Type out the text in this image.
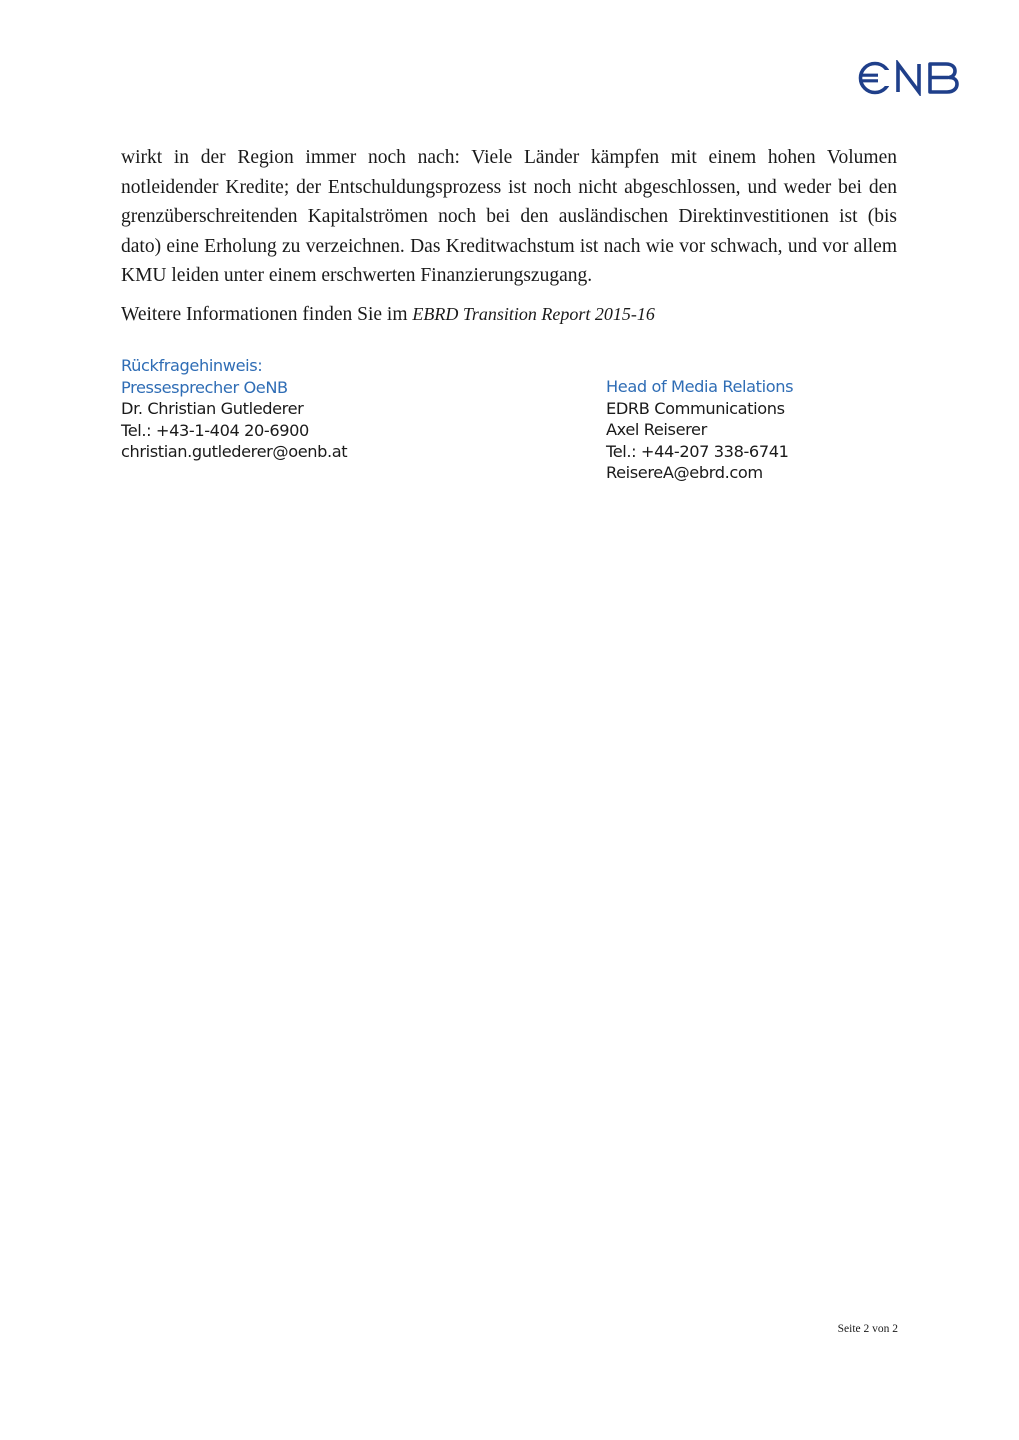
wirkt in der Region immer noch nach: Viele Länder kämpfen mit einem hohen Volumen notleidender Kredite; der Entschuldungsprozess ist noch nicht abgeschlossen, und weder bei den grenzüberschreitenden Kapitalströmen noch bei den ausländischen Direktinvestitionen ist (bis dato) eine Erholung zu verzeichnen. Das Kreditwachstum ist nach wie vor schwach, und vor allem KMU leiden unter einem erschwerten Finanzierungszugang.

Weitere Informationen finden Sie im EBRD Transition Report 2015-16

Rückfragehinweis:
Pressesprecher OeNB
Dr. Christian Gutlederer
Tel.: +43-1-404 20-6900
christian.gutlederer@oenb.at
Head of Media Relations
EDRB Communications
Axel Reiserer
Tel.: +44-207 338-6741
ReisereA@ebrd.com
Seite 2 von 2
